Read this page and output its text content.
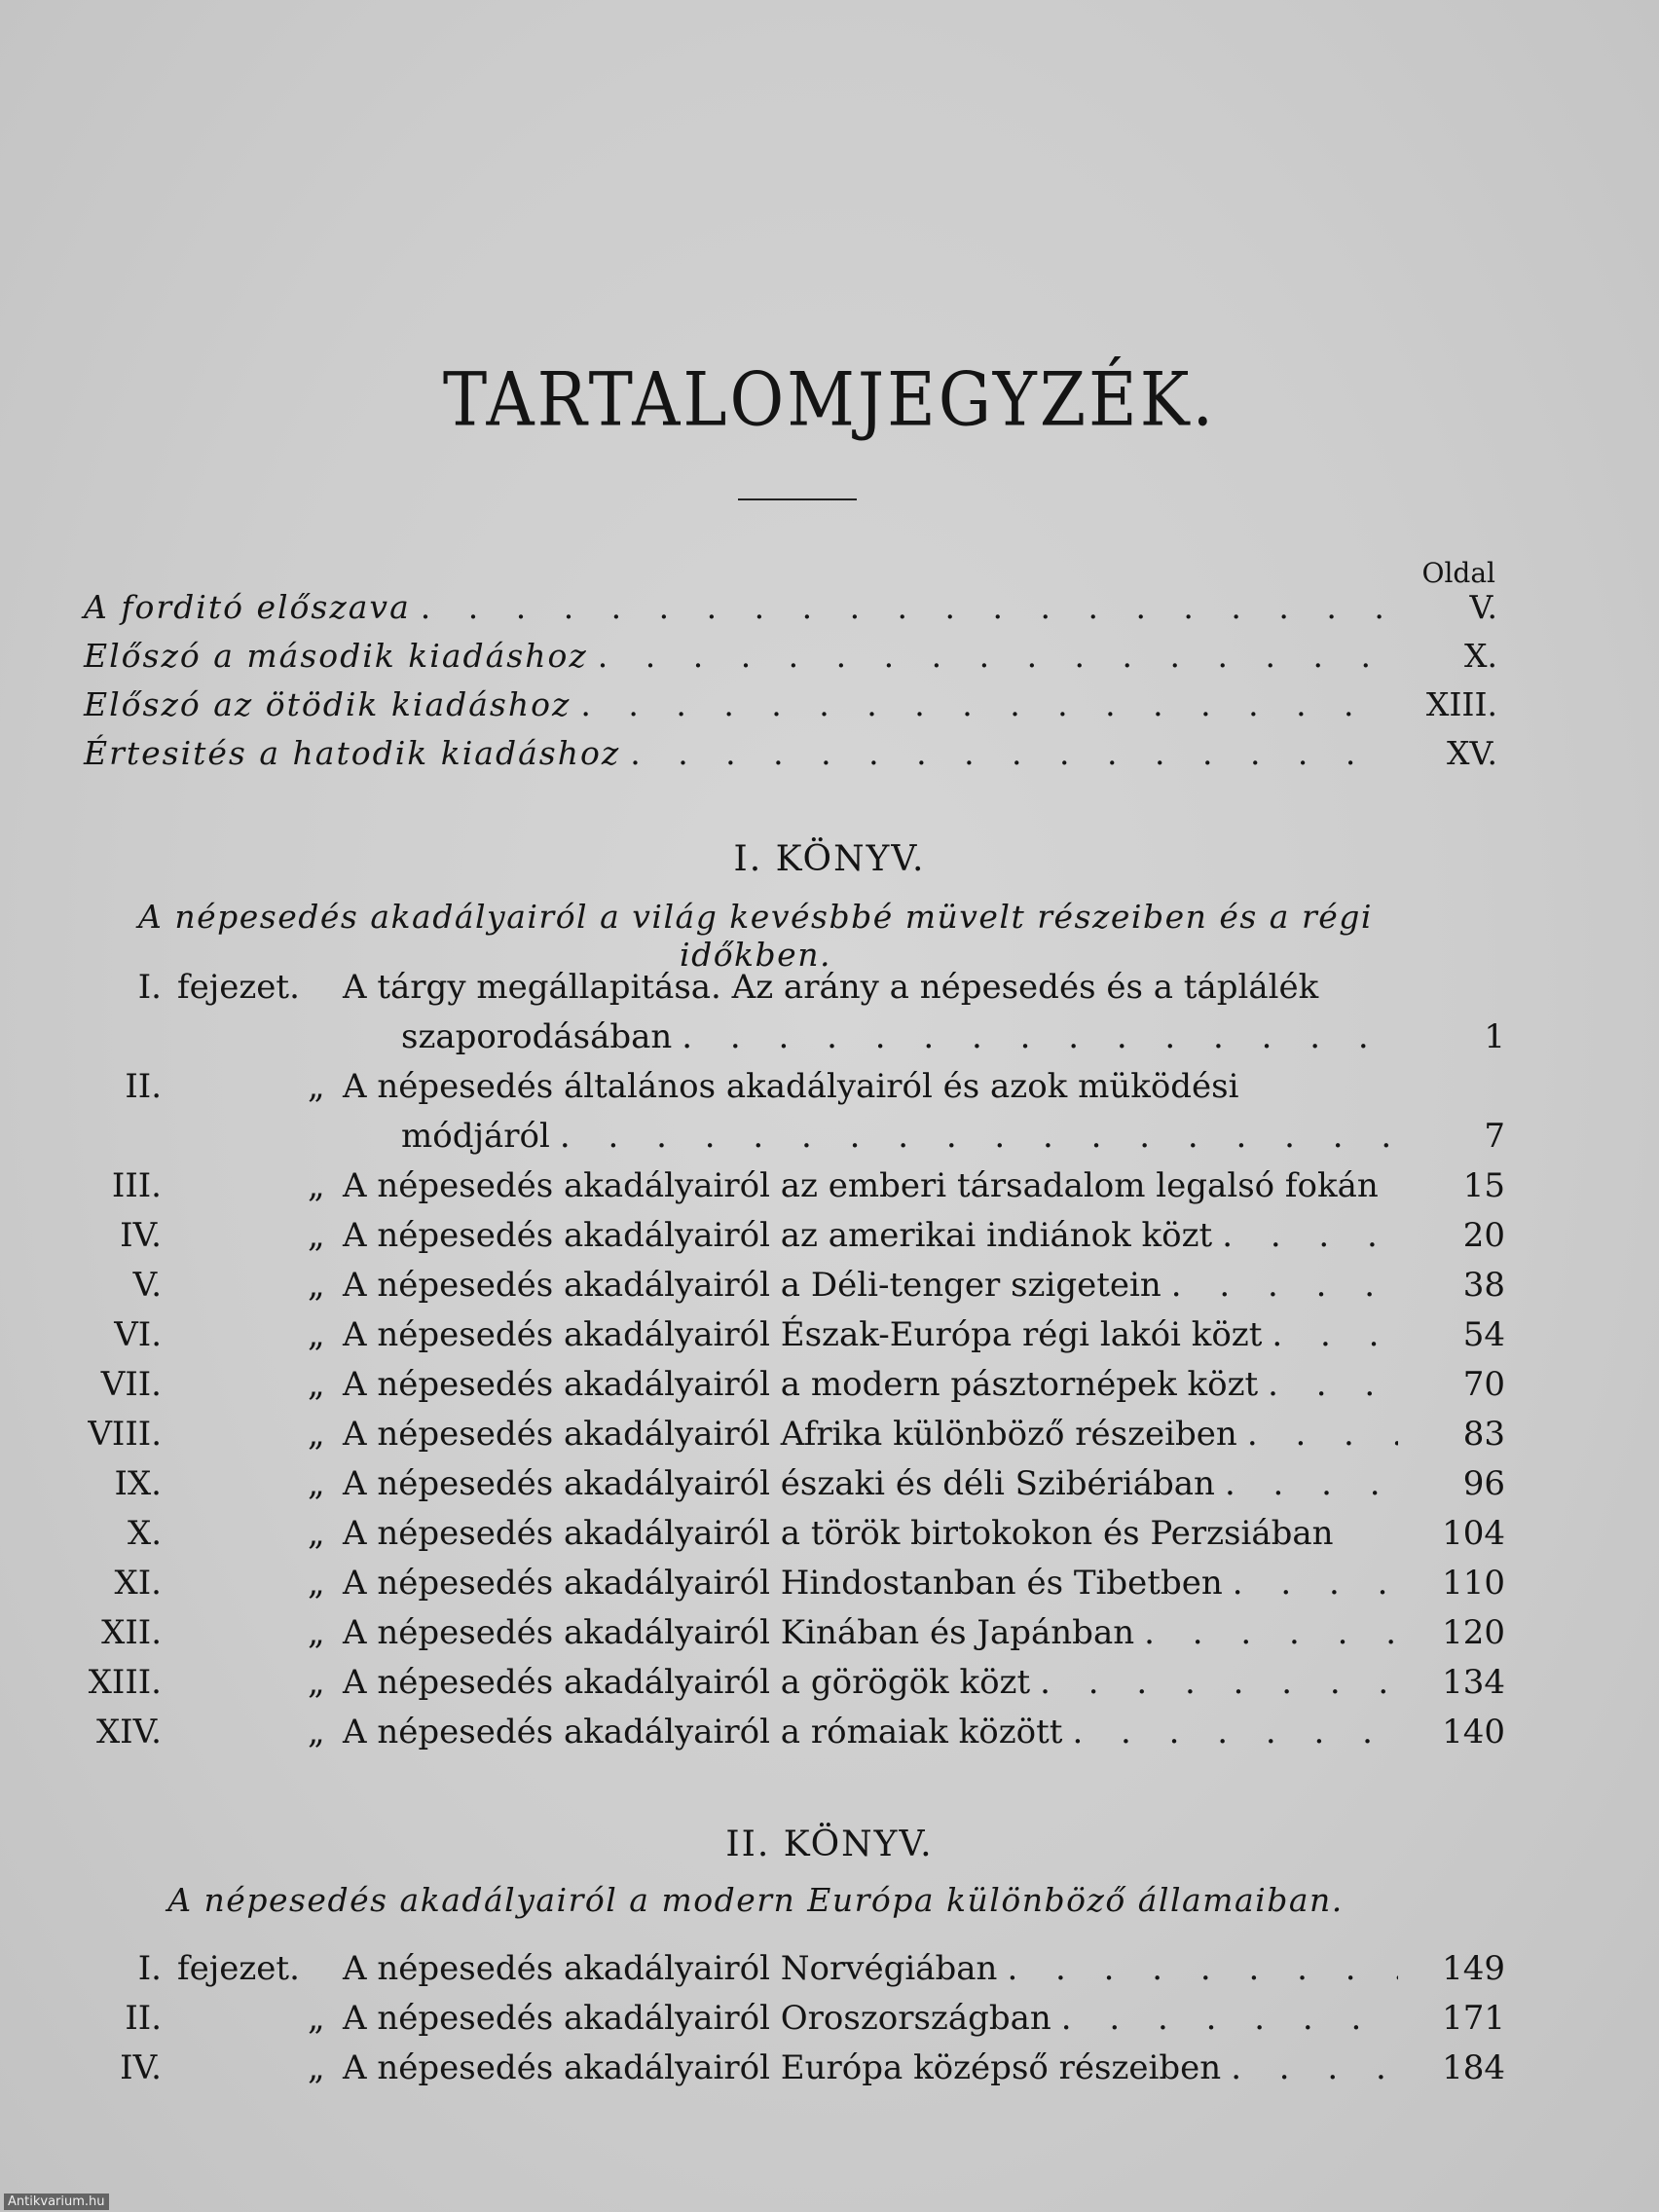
TARTALOMJEGYZÉK.
Oldal
A forditó előszava . . .	V.
Előszó a második kiadáshoz . . .	X.
Előszó az ötödik kiadáshoz . . .	XIII.
Értesités a hatodik kiadáshoz . . .	XV.
I. KÖNYV.
A népesedés akadályairól a világ kevésbbé müvelt részeiben és a régi időkben.
I. fejezet.	A tárgy megállapitása. Az arány a népesedés és a táplálék
szaporodásában . . .	1
II.	„ A népesedés általános akadályairól és azok müködési
módjáról . . .	7
III.	„ A népesedés akadályairól az emberi társadalom legalsó fokán	15
IV.	„ A népesedés akadályairól az amerikai indiánok közt . . .	20
V.	„ A népesedés akadályairól a Déli-tenger szigetein . . .	38
VI.	„ A népesedés akadályairól Észak-Európa régi lakói közt . . .	54
VII.	„ A népesedés akadályairól a modern pásztornépek közt . . .	70
VIII.	„ A népesedés akadályairól Afrika különböző részeiben . . .	83
IX.	„ A népesedés akadályairól északi és déli Szibériában . . .	96
X.	„ A népesedés akadályairól a török birtokokon és Perzsiában	104
XI.	„ A népesedés akadályairól Hindostanban és Tibetben . . .	110
XII.	„ A népesedés akadályairól Kinában és Japánban . . .	120
XIII.	„ A népesedés akadályairól a görögök közt . . .	134
XIV.	„ A népesedés akadályairól a rómaiak között . . .	140
II. KÖNYV.
A népesedés akadályairól a modern Európa különböző államaiban.
I. fejezet.	A népesedés akadályairól Norvégiában . . .	149
II.	„ A népesedés akadályairól Oroszországban . . .	171
IV.	„ A népesedés akadályairól Európa középső részeiben . . .	184
Antikvarium.hu
